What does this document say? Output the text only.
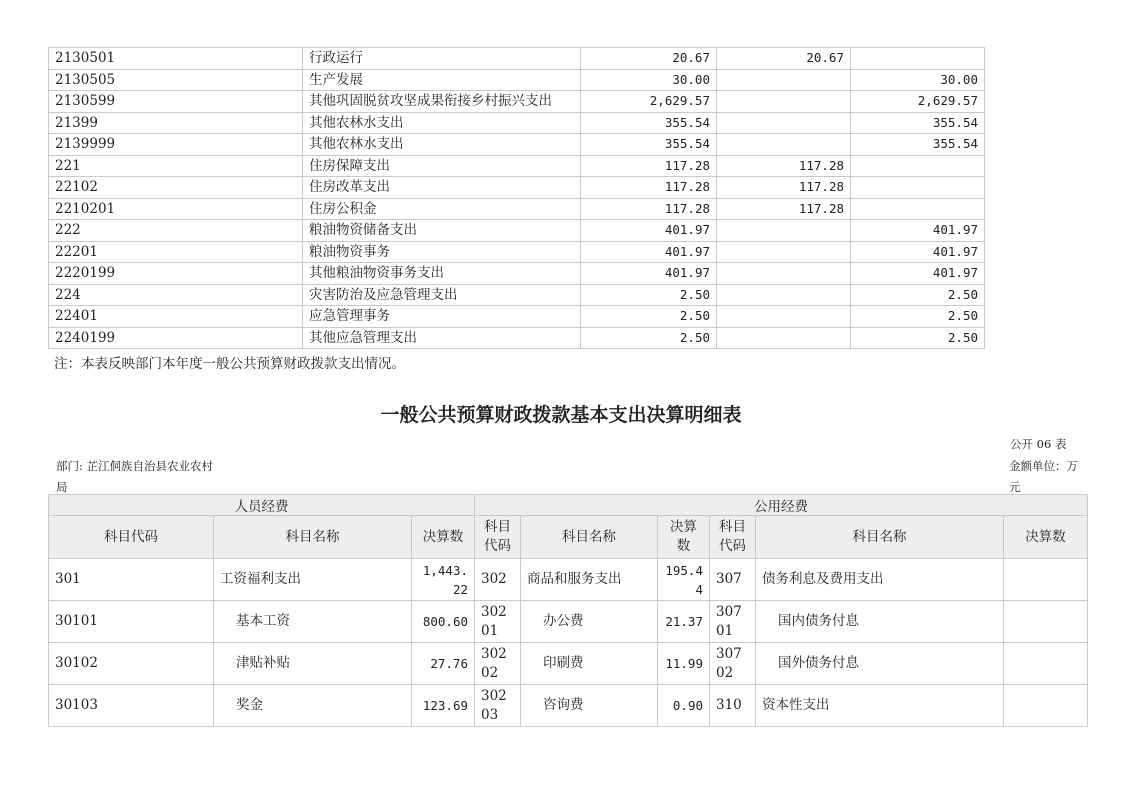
2130501	行政运行	20.67	20.67	
2130505	生产发展	30.00		30.00
2130599	其他巩固脱贫攻坚成果衔接乡村振兴支出	2,629.57		2,629.57
21399	其他农林水支出	355.54		355.54
2139999	其他农林水支出	355.54		355.54
221	住房保障支出	117.28	117.28	
22102	住房改革支出	117.28	117.28	
2210201	住房公积金	117.28	117.28	
222	粮油物资储备支出	401.97		401.97
22201	粮油物资事务	401.97		401.97
2220199	其他粮油物资事务支出	401.97		401.97
224	灾害防治及应急管理支出	2.50		2.50
22401	应急管理事务	2.50		2.50
2240199	其他应急管理支出	2.50		2.50
注：本表反映部门本年度一般公共预算财政拨款支出情况。
一般公共预算财政拨款基本支出决算明细表
公开 06 表
部门: 芷江侗族自治县农业农村局
金额单位：万元
人员经费			公用经费					
科目代码	科目名称	决算数	科目代码	科目名称	决算数	科目代码	科目名称	决算数
301	工资福利支出	1,443.22	302	商品和服务支出	195.44	307	债务利息及费用支出	
30101	基本工资	800.60	30201	办公费	21.37	30701	国内债务付息	
30102	津贴补贴	27.76	30202	印刷费	11.99	30702	国外债务付息	
30103	奖金	123.69	30203	咨询费	0.90	310	资本性支出	
